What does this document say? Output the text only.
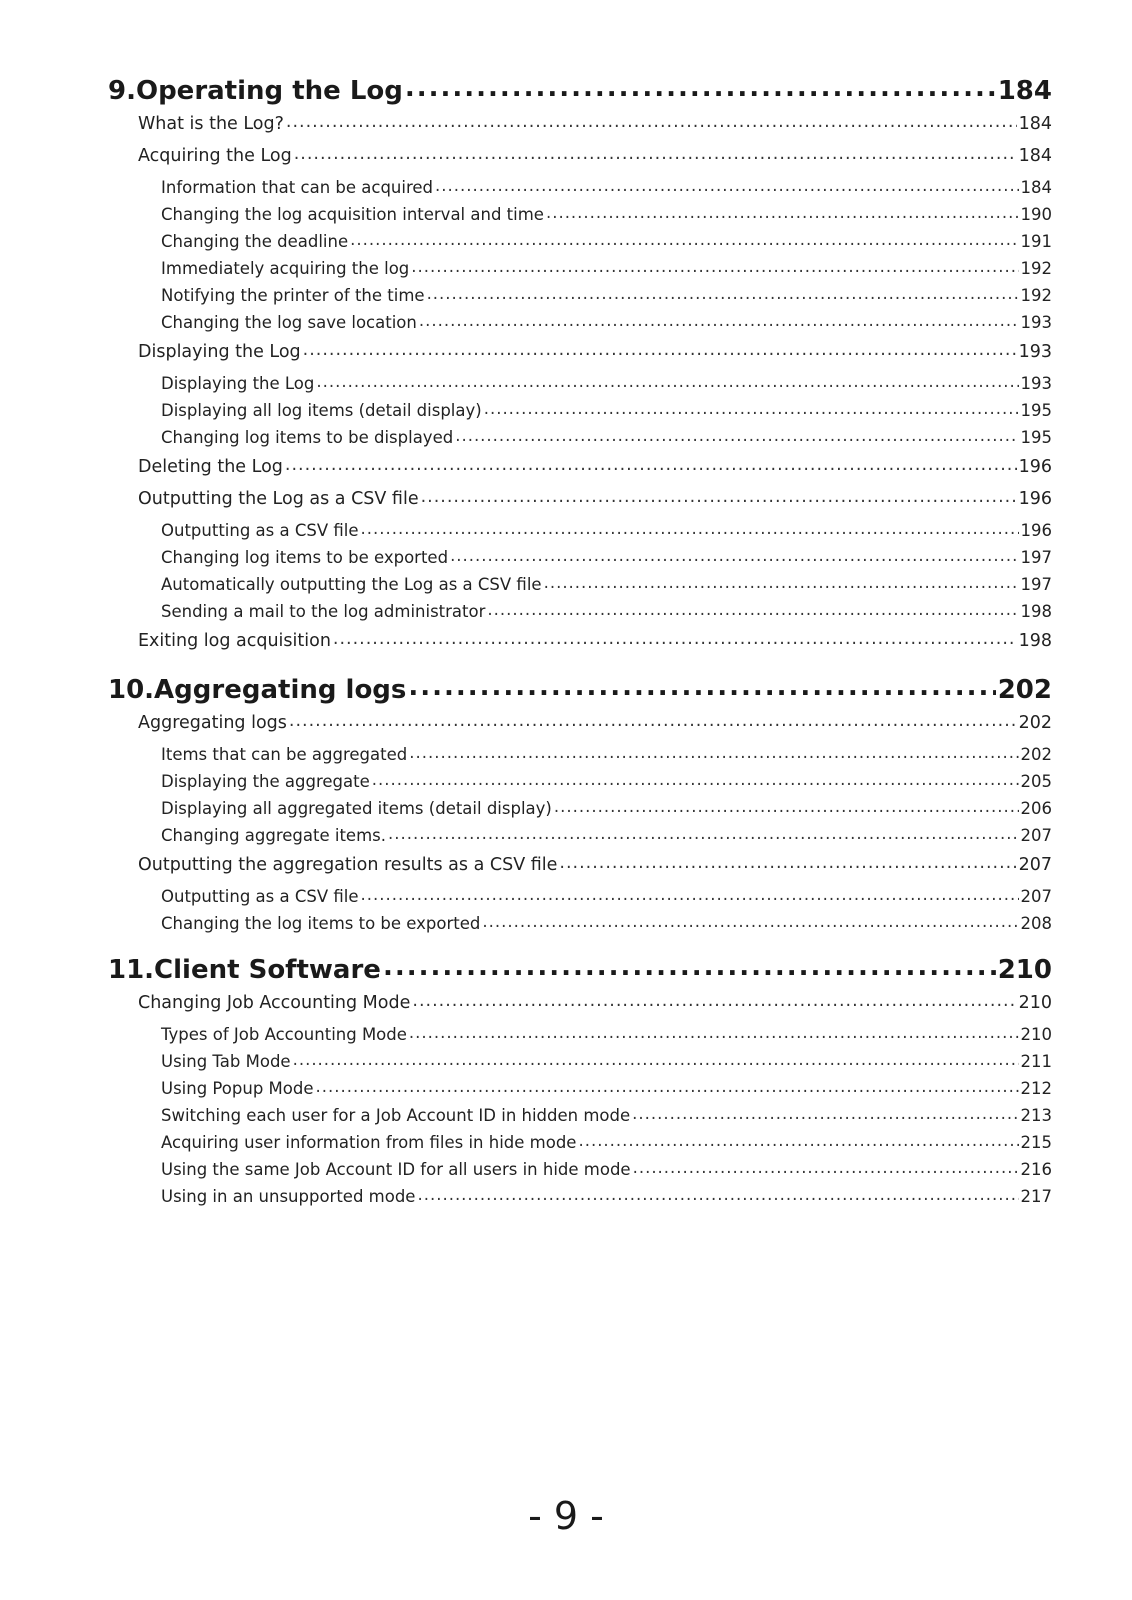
9.Operating the Log .....	184
What is the Log? .....	184
Acquiring the Log .....	184
Information that can be acquired .....	184
Changing the log acquisition interval and time .....	190
Changing the deadline .....	191
Immediately acquiring the log .....	192
Notifying the printer of the time .....	192
Changing the log save location .....	193
Displaying the Log .....	193
Displaying the Log .....	193
Displaying all log items (detail display) .....	195
Changing log items to be displayed .....	195
Deleting the Log .....	196
Outputting the Log as a CSV file .....	196
Outputting as a CSV file .....	196
Changing log items to be exported .....	197
Automatically outputting the Log as a CSV file .....	197
Sending a mail to the log administrator .....	198
Exiting log acquisition .....	198
10.Aggregating logs .....	202
Aggregating logs .....	202
Items that can be aggregated .....	202
Displaying the aggregate .....	205
Displaying all aggregated items (detail display) .....	206
Changing aggregate items. .....	207
Outputting the aggregation results as a CSV file .....	207
Outputting as a CSV file .....	207
Changing the log items to be exported .....	208
11.Client Software .....	210
Changing Job Accounting Mode .....	210
Types of Job Accounting Mode .....	210
Using Tab Mode .....	211
Using Popup Mode .....	212
Switching each user for a Job Account ID in hidden mode .....	213
Acquiring user information from files in hide mode .....	215
Using the same Job Account ID for all users in hide mode .....	216
Using in an unsupported mode .....	217
- 9 -
